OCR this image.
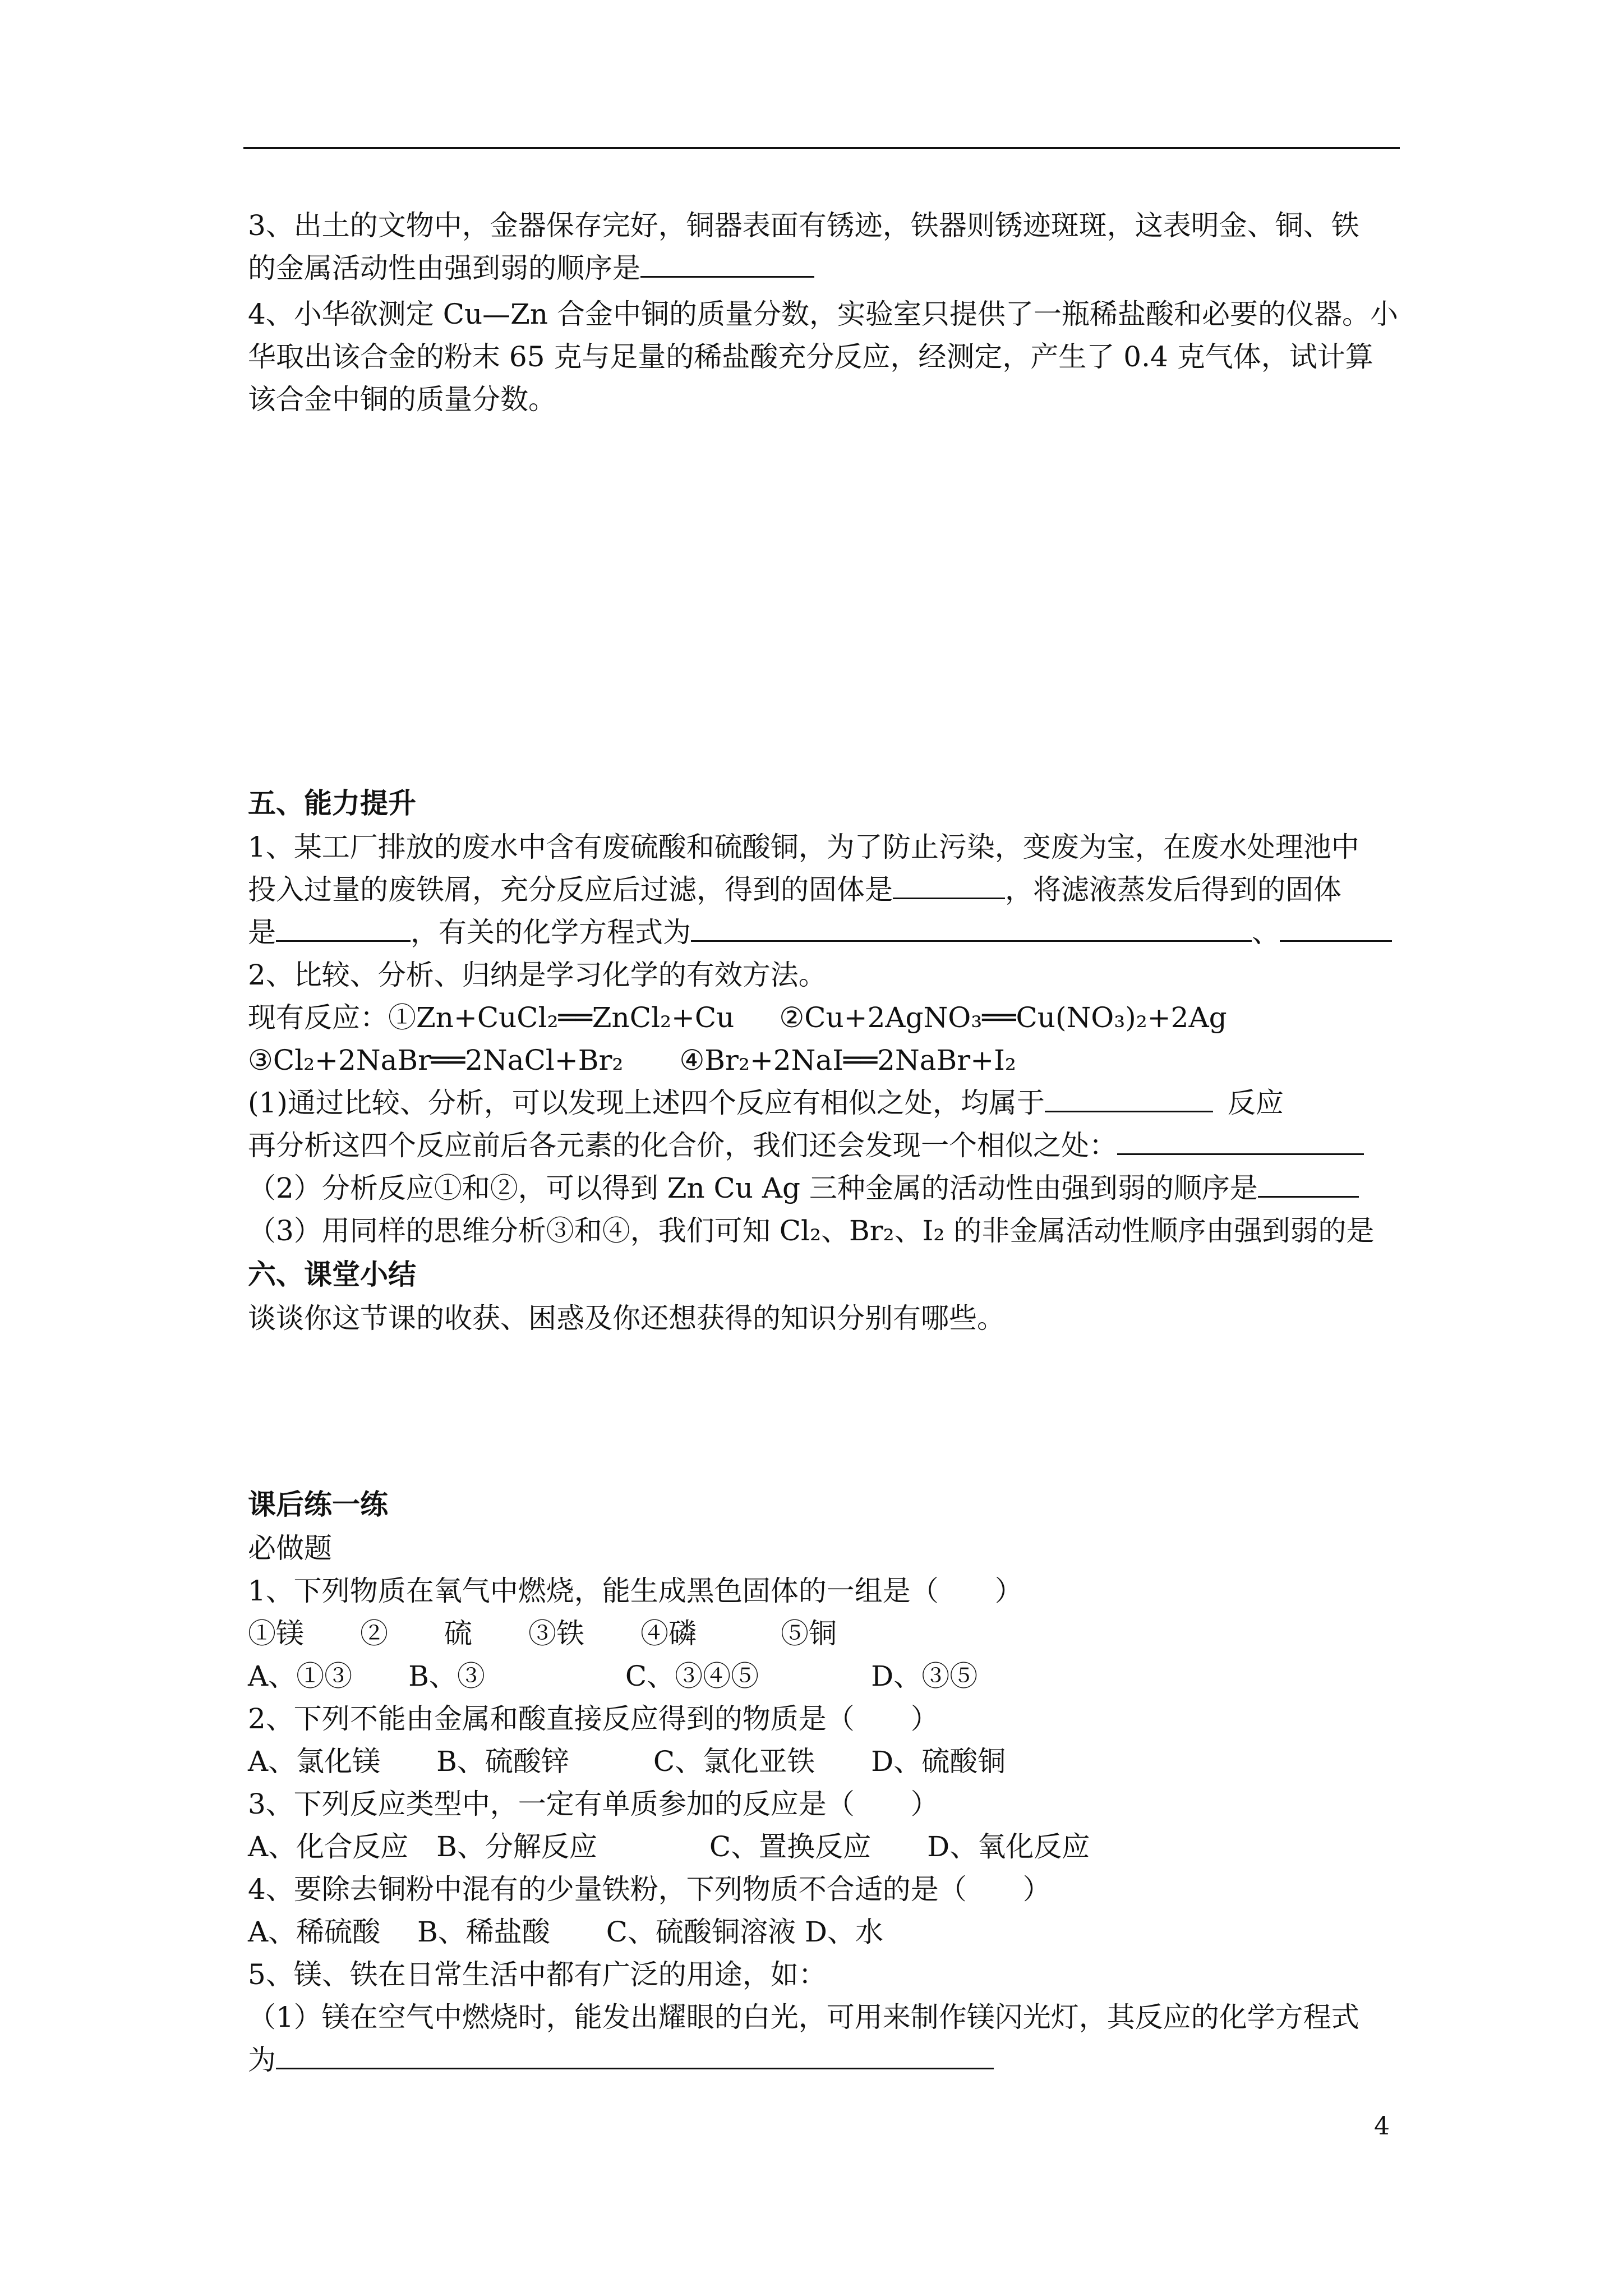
3、出土的文物中，金器保存完好，铜器表面有锈迹，铁器则锈迹斑斑，这表明金、铜、铁
的金属活动性由强到弱的顺序是
4、小华欲测定 Cu—Zn 合金中铜的质量分数，实验室只提供了一瓶稀盐酸和必要的仪器。小
华取出该合金的粉末 65 克与足量的稀盐酸充分反应，经测定，产生了 0.4 克气体，试计算
该合金中铜的质量分数。
五、能力提升
1、某工厂排放的废水中含有废硫酸和硫酸铜，为了防止污染，变废为宝，在废水处理池中
投入过量的废铁屑，充分反应后过滤，得到的固体是	，将滤液蒸发后得到的固体
是	，有关的化学方程式为	、
2、比较、分析、归纳是学习化学的有效方法。
现有反应：①Zn+CuCl₂══ZnCl₂+Cu ②Cu+2AgNO₃══Cu(NO₃)₂+2Ag
③Cl₂+2NaBr══2NaCl+Br₂ ④Br₂+2NaI══2NaBr+I₂
(1)通过比较、分析，可以发现上述四个反应有相似之处，均属于	反应
再分析这四个反应前后各元素的化合价，我们还会发现一个相似之处：
（2）分析反应①和②，可以得到 Zn Cu Ag 三种金属的活动性由强到弱的顺序是
（3）用同样的思维分析③和④，我们可知 Cl₂、Br₂、I₂ 的非金属活动性顺序由强到弱的是
六、课堂小结
谈谈你这节课的收获、困惑及你还想获得的知识分别有哪些。
课后练一练
必做题
1、下列物质在氧气中燃烧，能生成黑色固体的一组是（　　）
①镁　　②　　硫　　③铁　　④磷　　　⑤铜
A、①③　　B、③　　　　　C、③④⑤　　　　D、③⑤
2、下列不能由金属和酸直接反应得到的物质是（　　）
A、氯化镁　　B、硫酸锌　　　C、氯化亚铁　　D、硫酸铜
3、下列反应类型中，一定有单质参加的反应是（　　）
A、化合反应　B、分解反应　　　　C、置换反应　　D、氧化反应
4、要除去铜粉中混有的少量铁粉，下列物质不合适的是（　　）
A、稀硫酸　 B、稀盐酸　　C、硫酸铜溶液 D、水
5、镁、铁在日常生活中都有广泛的用途，如：
（1）镁在空气中燃烧时，能发出耀眼的白光，可用来制作镁闪光灯，其反应的化学方程式
为
4
